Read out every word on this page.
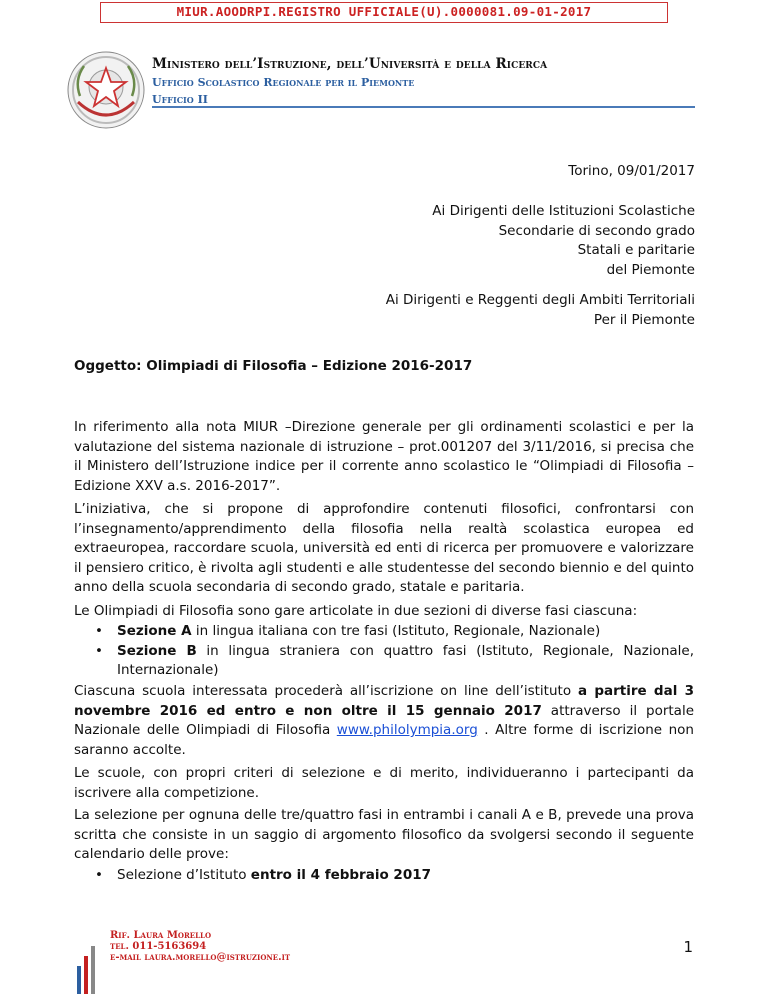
MIUR.AOODRPI.REGISTRO UFFICIALE(U).0000081.09-01-2017
Ministero dell’Istruzione, dell’Università e della Ricerca
Ufficio Scolastico Regionale per il Piemonte
Ufficio II
Torino, 09/01/2017
Ai Dirigenti delle Istituzioni Scolastiche
Secondarie di secondo grado
Statali e paritarie
del Piemonte
Ai Dirigenti e Reggenti degli Ambiti Territoriali
Per il Piemonte
Oggetto: Olimpiadi di Filosofia – Edizione 2016-2017
In riferimento alla nota MIUR –Direzione generale per gli ordinamenti scolastici e per la valutazione del sistema nazionale di istruzione – prot.001207 del 3/11/2016, si precisa che il Ministero dell’Istruzione indice per il corrente anno scolastico le “Olimpiadi di Filosofia – Edizione XXV a.s. 2016-2017”.
L’iniziativa, che si propone di approfondire contenuti filosofici, confrontarsi con l’insegnamento/apprendimento della filosofia nella realtà scolastica europea ed extraeuropea, raccordare scuola, università ed enti di ricerca per promuovere e valorizzare il pensiero critico, è rivolta agli studenti e alle studentesse del secondo biennio e del quinto anno della scuola secondaria di secondo grado, statale e paritaria.
Le Olimpiadi di Filosofia sono gare articolate in due sezioni di diverse fasi ciascuna:
• Sezione A in lingua italiana con tre fasi (Istituto, Regionale, Nazionale)
• Sezione B in lingua straniera con quattro fasi (Istituto, Regionale, Nazionale, Internazionale)
Ciascuna scuola interessata procederà all’iscrizione on line dell’istituto a partire dal 3 novembre 2016 ed entro e non oltre il 15 gennaio 2017 attraverso il portale Nazionale delle Olimpiadi di Filosofia www.philolympia.org . Altre forme di iscrizione non saranno accolte.
Le scuole, con propri criteri di selezione e di merito, individueranno i partecipanti da iscrivere alla competizione.
La selezione per ognuna delle tre/quattro fasi in entrambi i canali A e B, prevede una prova scritta che consiste in un saggio di argomento filosofico da svolgersi secondo il seguente calendario delle prove:
• Selezione d’Istituto entro il 4 febbraio 2017
Rif. Laura Morello
tel. 011-5163694
e-mail laura.morello@istruzione.it
1
